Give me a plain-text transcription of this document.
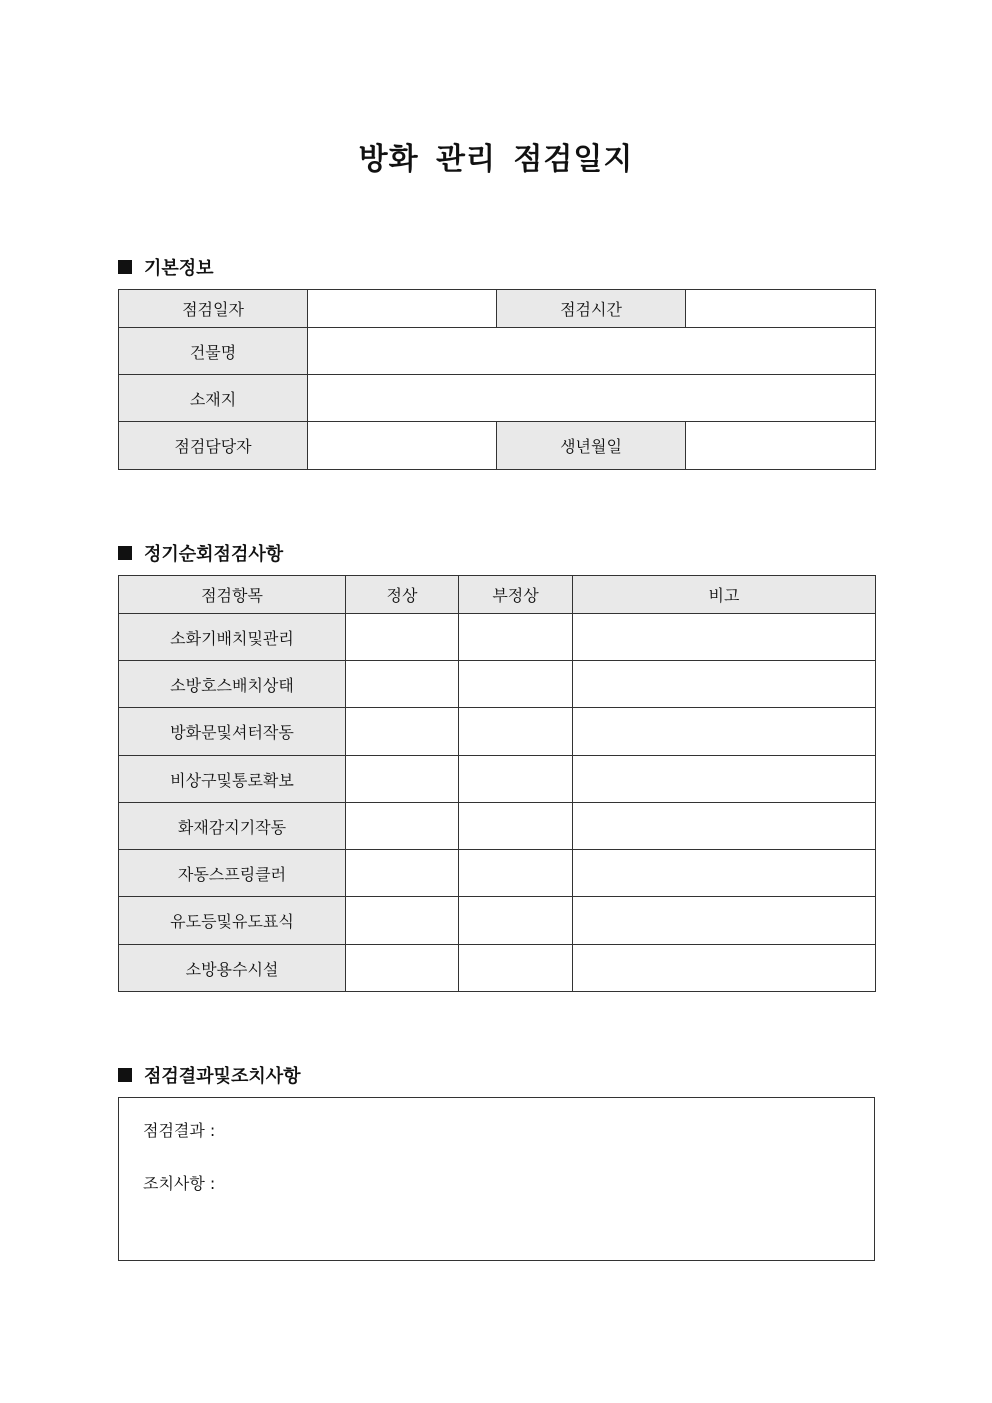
방화 관리 점검일지
기본정보
점검일자		점검시간	
건물명			
소재지			
점검담당자		생년월일	
정기순회점검사항
점검항목	정상	부정상	비고
소화기배치및관리			
소방호스배치상태			
방화문및셔터작동			
비상구및통로확보			
화재감지기작동			
자동스프링클러			
유도등및유도표식			
소방용수시설			
점검결과및조치사항
점검결과 :
조치사항 :
